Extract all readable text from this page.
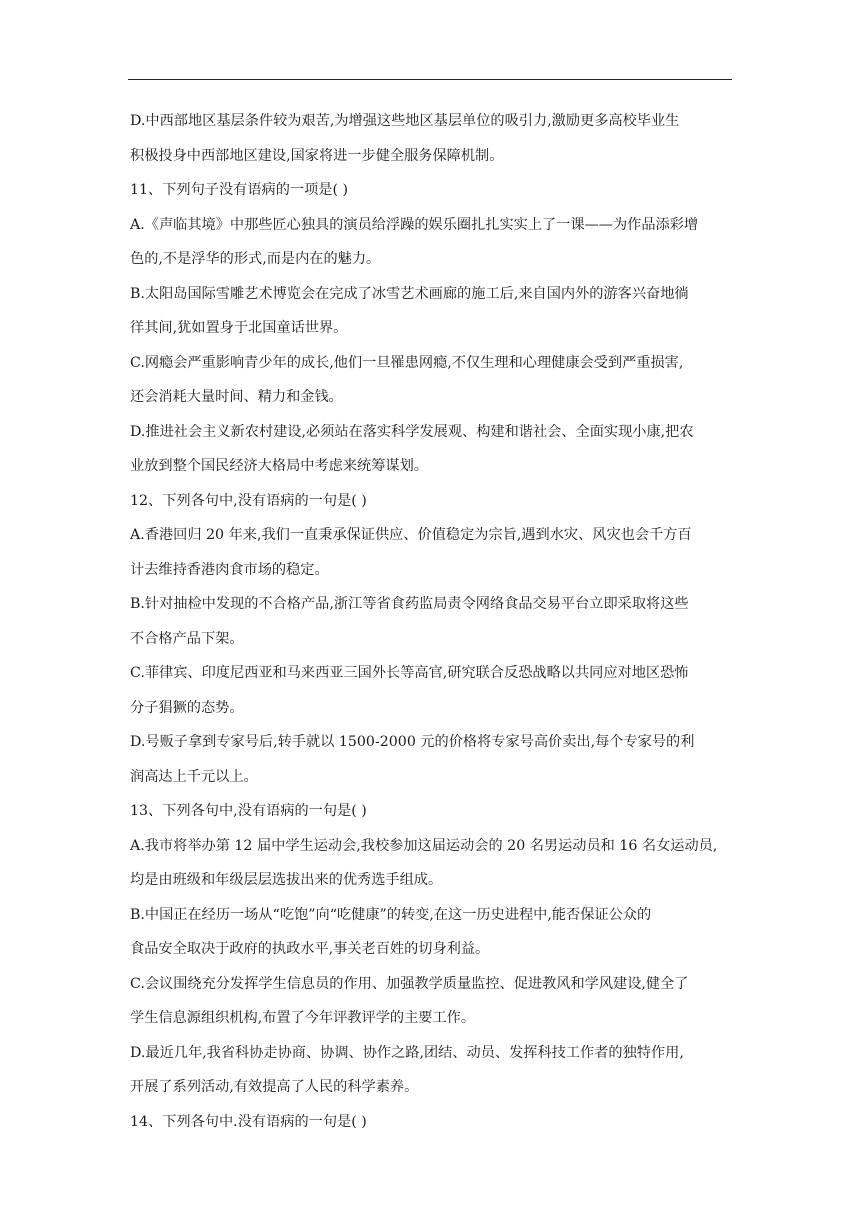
D.中西部地区基层条件较为艰苦,为增强这些地区基层单位的吸引力,激励更多高校毕业生
积极投身中西部地区建设,国家将进一步健全服务保障机制。
11、下列句子没有语病的一项是( )
A.《声临其境》中那些匠心独具的演员给浮躁的娱乐圈扎扎实实上了一课——为作品添彩增
色的,不是浮华的形式,而是内在的魅力。
B.太阳岛国际雪雕艺术博览会在完成了冰雪艺术画廊的施工后,来自国内外的游客兴奋地徜
徉其间,犹如置身于北国童话世界。
C.网瘾会严重影响青少年的成长,他们一旦罹患网瘾,不仅生理和心理健康会受到严重损害,
还会消耗大量时间、精力和金钱。
D.推进社会主义新农村建设,必须站在落实科学发展观、构建和谐社会、全面实现小康,把农
业放到整个国民经济大格局中考虑来统筹谋划。
12、下列各句中,没有语病的一句是( )
A.香港回归 20 年来,我们一直秉承保证供应、价值稳定为宗旨,遇到水灾、风灾也会千方百
计去维持香港肉食市场的稳定。
B.针对抽检中发现的不合格产品,浙江等省食药监局责令网络食品交易平台立即采取将这些
不合格产品下架。
C.菲律宾、印度尼西亚和马来西亚三国外长等高官,研究联合反恐战略以共同应对地区恐怖
分子猖獗的态势。
D.号贩子拿到专家号后,转手就以 1500-2000 元的价格将专家号高价卖出,每个专家号的利
润高达上千元以上。
13、下列各句中,没有语病的一句是( )
A.我市将举办第 12 届中学生运动会,我校参加这届运动会的 20 名男运动员和 16 名女运动员,
均是由班级和年级层层选拔出来的优秀选手组成。
B.中国正在经历一场从“吃饱”向“吃健康”的转变,在这一历史进程中,能否保证公众的
食品安全取决于政府的执政水平,事关老百姓的切身利益。
C.会议围绕充分发挥学生信息员的作用、加强教学质量监控、促进教风和学风建设,健全了
学生信息源组织机构,布置了今年评教评学的主要工作。
D.最近几年,我省科协走协商、协调、协作之路,团结、动员、发挥科技工作者的独特作用,
开展了系列活动,有效提高了人民的科学素养。
14、下列各句中.没有语病的一句是( )
